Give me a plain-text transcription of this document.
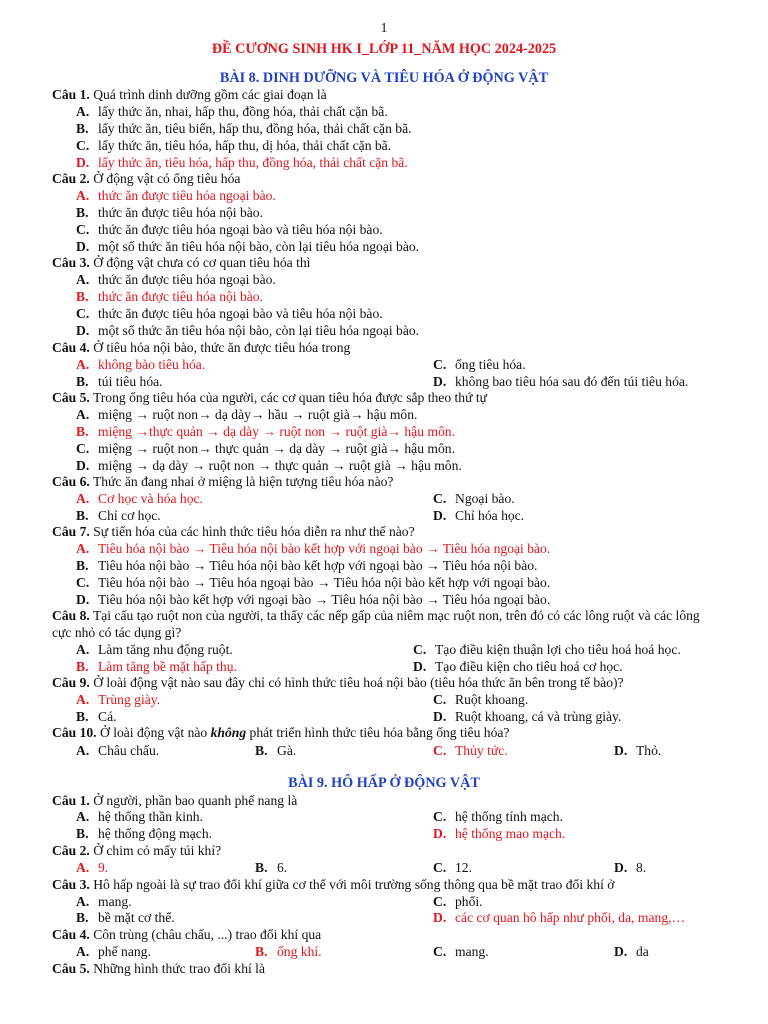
1
ĐỀ CƯƠNG SINH HK I_LỚP 11_NĂM HỌC 2024-2025
BÀI 8. DINH DƯỠNG VÀ TIÊU HÓA Ở ĐỘNG VẬT
Câu 1. Quá trình dinh dưỡng gồm các giai đoạn là
A. lấy thức ăn, nhai, hấp thu, đồng hóa, thải chất cặn bã.
B. lấy thức ăn, tiêu biến, hấp thu, đồng hóa, thải chất cặn bã.
C. lấy thức ăn, tiêu hóa, hấp thu, dị hóa, thải chất cặn bã.
D. lấy thức ăn, tiêu hóa, hấp thu, đồng hóa, thải chất cặn bã.
Câu 2. Ở động vật có ống tiêu hóa
A. thức ăn được tiêu hóa ngoại bào.
B. thức ăn được tiêu hóa nội bào.
C. thức ăn được tiêu hóa ngoại bào và tiêu hóa nội bào.
D. một số thức ăn tiêu hóa nội bào, còn lại tiêu hóa ngoại bào.
Câu 3. Ở động vật chưa có cơ quan tiêu hóa thì
A. thức ăn được tiêu hóa ngoại bào.
B. thức ăn được tiêu hóa nội bào.
C. thức ăn được tiêu hóa ngoại bào và tiêu hóa nội bào.
D. một số thức ăn tiêu hóa nội bào, còn lại tiêu hóa ngoại bào.
Câu 4. Ở tiêu hóa nội bào, thức ăn được tiêu hóa trong
A. không bào tiêu hóa.	C. ống tiêu hóa.
B. túi tiêu hóa.	D. không bao tiêu hóa sau đó đến túi tiêu hóa.
Câu 5. Trong ống tiêu hóa của người, các cơ quan tiêu hóa được sắp theo thứ tự
A. miệng → ruột non→ dạ dày→ hầu → ruột già→ hậu môn.
B. miệng →thực quản → dạ dày → ruột non → ruột già→ hậu môn.
C. miệng → ruột non→ thực quản → dạ dày → ruột già→ hậu môn.
D. miệng → dạ dày → ruột non → thực quản → ruột già → hậu môn.
Câu 6. Thức ăn đang nhai ở miệng là hiện tượng tiêu hóa nào?
A. Cơ học và hóa học.	C. Ngoại bào.
B. Chỉ cơ học.	D. Chỉ hóa học.
Câu 7. Sự tiến hóa của các hình thức tiêu hóa diễn ra như thế nào?
A. Tiêu hóa nội bào → Tiêu hóa nội bào kết hợp với ngoại bào → Tiêu hóa ngoại bào.
B. Tiêu hóa nội bào → Tiêu hóa nội bào kết hợp với ngoại bào → Tiêu hóa nội bào.
C. Tiêu hóa nội bào → Tiêu hóa ngoại bào → Tiêu hóa nội bào kết hợp với ngoại bào.
D. Tiêu hóa nội bào kết hợp với ngoại bào → Tiêu hóa nội bào → Tiêu hóa ngoại bào.
Câu 8. Tại cấu tạo ruột non của người, ta thấy các nếp gấp của niêm mạc ruột non, trên đó có các lông ruột và các lông cực nhỏ có tác dụng gì?
A. Làm tăng nhu động ruột.	C. Tạo điều kiện thuận lợi cho tiêu hoá hoá học.
B. Làm tăng bề mặt hấp thụ.	D. Tạo điều kiện cho tiêu hoá cơ học.
Câu 9. Ở loài động vật nào sau đây chỉ có hình thức tiêu hoá nội bào (tiêu hóa thức ăn bên trong tế bào)?
A. Trùng giày.	C. Ruột khoang.
B. Cá.	D. Ruột khoang, cá và trùng giày.
Câu 10. Ở loài động vật nào không phát triển hình thức tiêu hóa bằng ống tiêu hóa?
A. Châu chấu.	B. Gà.	C. Thủy tức.	D. Thỏ.
BÀI 9. HÔ HẤP Ở ĐỘNG VẬT
Câu 1. Ở người, phần bao quanh phế nang là
A. hệ thống thần kinh.	C. hệ thống tính mạch.
B. hệ thống động mạch.	D. hệ thống mao mạch.
Câu 2. Ở chim có mấy túi khí?
A. 9.	B. 6.	C. 12.	D. 8.
Câu 3. Hô hấp ngoài là sự trao đổi khí giữa cơ thể với môi trường sống thông qua bề mặt trao đổi khí ở
A. mang.	C. phổi.
B. bề mặt cơ thể.	D. các cơ quan hô hấp như phổi, da, mang,…
Câu 4. Côn trùng (châu chấu, ...) trao đổi khí qua
A. phế nang.	B. ống khí.	C. mang.	D. da
Câu 5. Những hình thức trao đổi khí là
